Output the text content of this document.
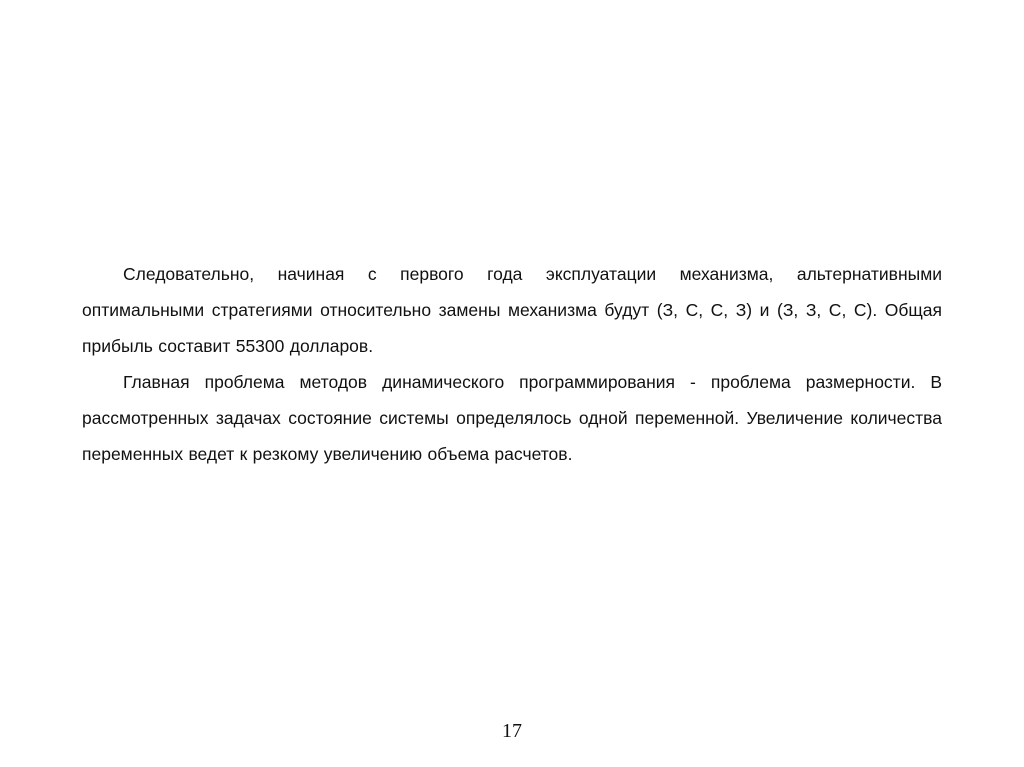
Следовательно, начиная с первого года эксплуатации механизма, альтернативными оптимальными стратегиями относительно замены механизма будут (З, С, С, З) и (З, З, С, С). Общая прибыль составит 55300 долларов.

Главная проблема методов динамического программирования - проблема размерности. В рассмотренных задачах состояние системы определялось одной переменной. Увеличение количества переменных ведет к резкому увеличению объема расчетов.

17
